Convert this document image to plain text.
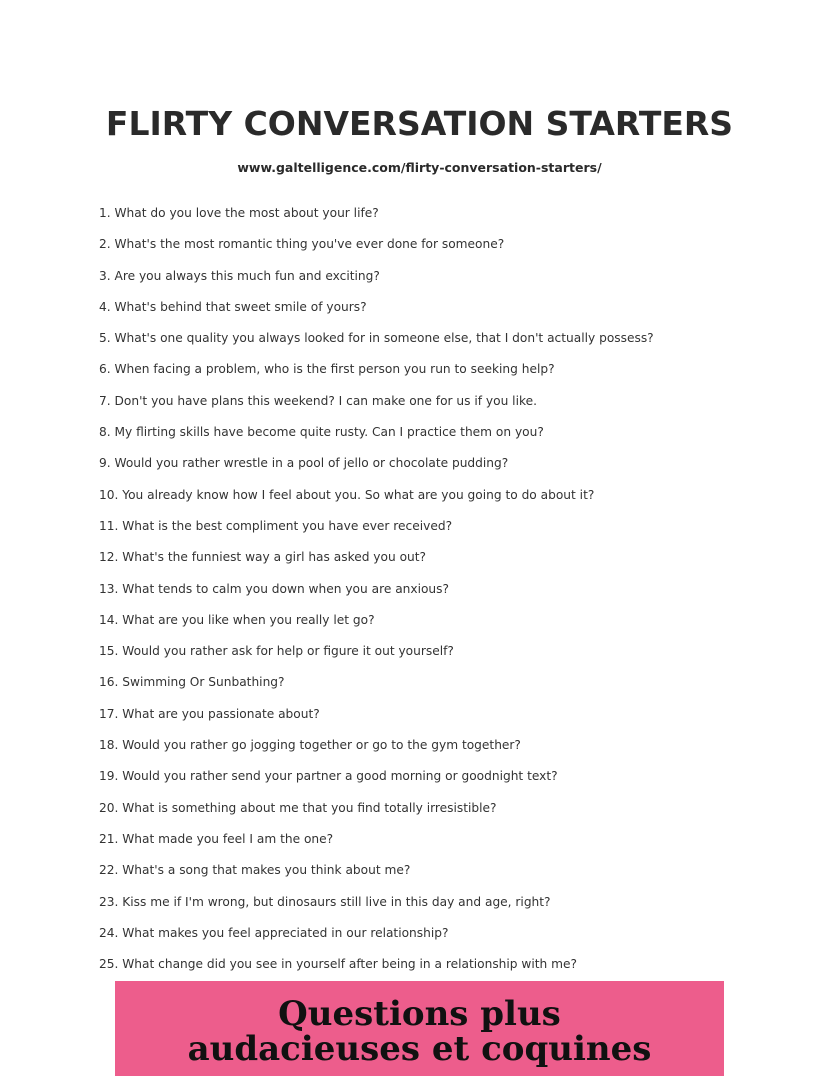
FLIRTY CONVERSATION STARTERS
www.galtelligence.com/flirty-conversation-starters/
1. What do you love the most about your life?
2. What's the most romantic thing you've ever done for someone?
3. Are you always this much fun and exciting?
4. What's behind that sweet smile of yours?
5. What's one quality you always looked for in someone else, that I don't actually possess?
6. When facing a problem, who is the first person you run to seeking help?
7. Don't you have plans this weekend? I can make one for us if you like.
8. My flirting skills have become quite rusty. Can I practice them on you?
9. Would you rather wrestle in a pool of jello or chocolate pudding?
10. You already know how I feel about you. So what are you going to do about it?
11. What is the best compliment you have ever received?
12. What's the funniest way a girl has asked you out?
13. What tends to calm you down when you are anxious?
14. What are you like when you really let go?
15. Would you rather ask for help or figure it out yourself?
16. Swimming Or Sunbathing?
17. What are you passionate about?
18. Would you rather go jogging together or go to the gym together?
19. Would you rather send your partner a good morning or goodnight text?
20. What is something about me that you find totally irresistible?
21. What made you feel I am the one?
22. What's a song that makes you think about me?
23. Kiss me if I'm wrong, but dinosaurs still live in this day and age, right?
24. What makes you feel appreciated in our relationship?
25. What change did you see in yourself after being in a relationship with me?
Questions plus
audacieuses et coquines
